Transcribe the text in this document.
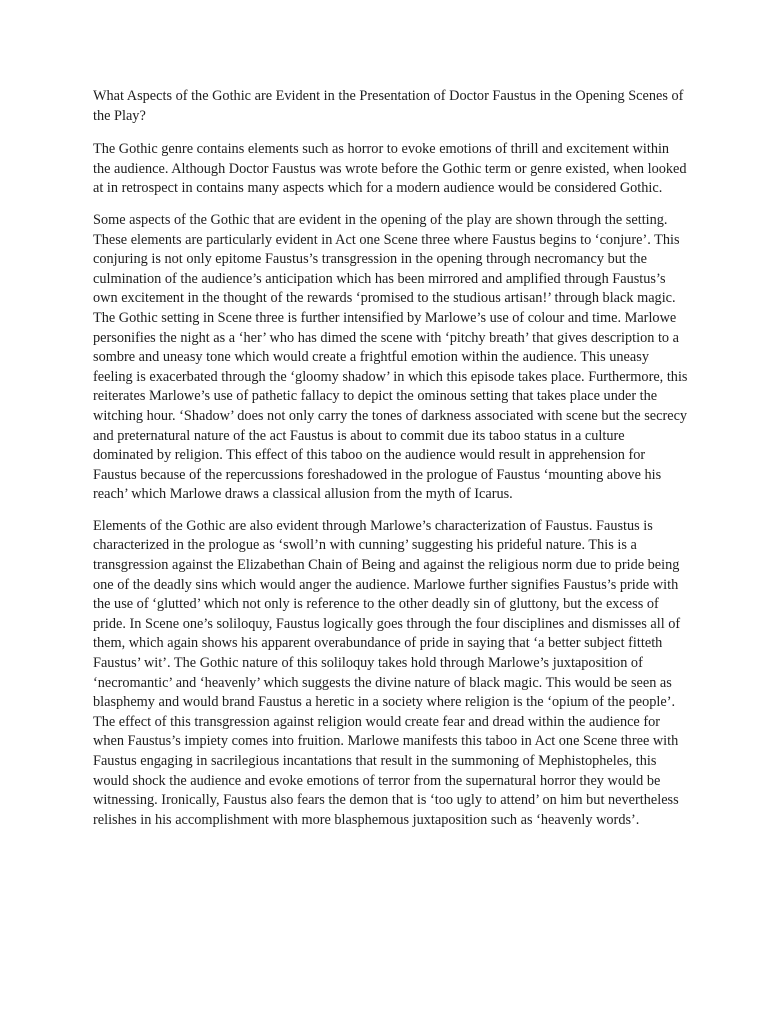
What Aspects of the Gothic are Evident in the Presentation of Doctor Faustus in the Opening Scenes of the Play?

The Gothic genre contains elements such as horror to evoke emotions of thrill and excitement within the audience. Although Doctor Faustus was wrote before the Gothic term or genre existed, when looked at in retrospect in contains many aspects which for a modern audience would be considered Gothic.

Some aspects of the Gothic that are evident in the opening of the play are shown through the setting. These elements are particularly evident in Act one Scene three where Faustus begins to ‘conjure’. This conjuring is not only epitome Faustus’s transgression in the opening through necromancy but the culmination of the audience’s anticipation which has been mirrored and amplified through Faustus’s own excitement in the thought of the rewards ‘promised to the studious artisan!’ through black magic. The Gothic setting in Scene three is further intensified by Marlowe’s use of colour and time. Marlowe personifies the night as a ‘her’ who has dimed the scene with ‘pitchy breath’ that gives description to a sombre and uneasy tone which would create a frightful emotion within the audience. This uneasy feeling is exacerbated through the ‘gloomy shadow’ in which this episode takes place. Furthermore, this reiterates Marlowe’s use of pathetic fallacy to depict the ominous setting that takes place under the witching hour. ‘Shadow’ does not only carry the tones of darkness associated with scene but the secrecy and preternatural nature of the act Faustus is about to commit due its taboo status in a culture dominated by religion. This effect of this taboo on the audience would result in apprehension for Faustus because of the repercussions foreshadowed in the prologue of Faustus ‘mounting above his reach’ which Marlowe draws a classical allusion from the myth of Icarus.

Elements of the Gothic are also evident through Marlowe’s characterization of Faustus. Faustus is characterized in the prologue as ‘swoll’n with cunning’ suggesting his prideful nature. This is a transgression against the Elizabethan Chain of Being and against the religious norm due to pride being one of the deadly sins which would anger the audience. Marlowe further signifies Faustus’s pride with the use of ‘glutted’ which not only is reference to the other deadly sin of gluttony, but the excess of pride. In Scene one’s soliloquy, Faustus logically goes through the four disciplines and dismisses all of them, which again shows his apparent overabundance of pride in saying that ‘a better subject fitteth Faustus’ wit’. The Gothic nature of this soliloquy takes hold through Marlowe’s juxtaposition of ‘necromantic’ and ‘heavenly’ which suggests the divine nature of black magic. This would be seen as blasphemy and would brand Faustus a heretic in a society where religion is the ‘opium of the people’. The effect of this transgression against religion would create fear and dread within the audience for when Faustus’s impiety comes into fruition. Marlowe manifests this taboo in Act one Scene three with Faustus engaging in sacrilegious incantations that result in the summoning of Mephistopheles, this would shock the audience and evoke emotions of terror from the supernatural horror they would be witnessing. Ironically, Faustus also fears the demon that is ‘too ugly to attend’ on him but nevertheless relishes in his accomplishment with more blasphemous juxtaposition such as ‘heavenly words’.
